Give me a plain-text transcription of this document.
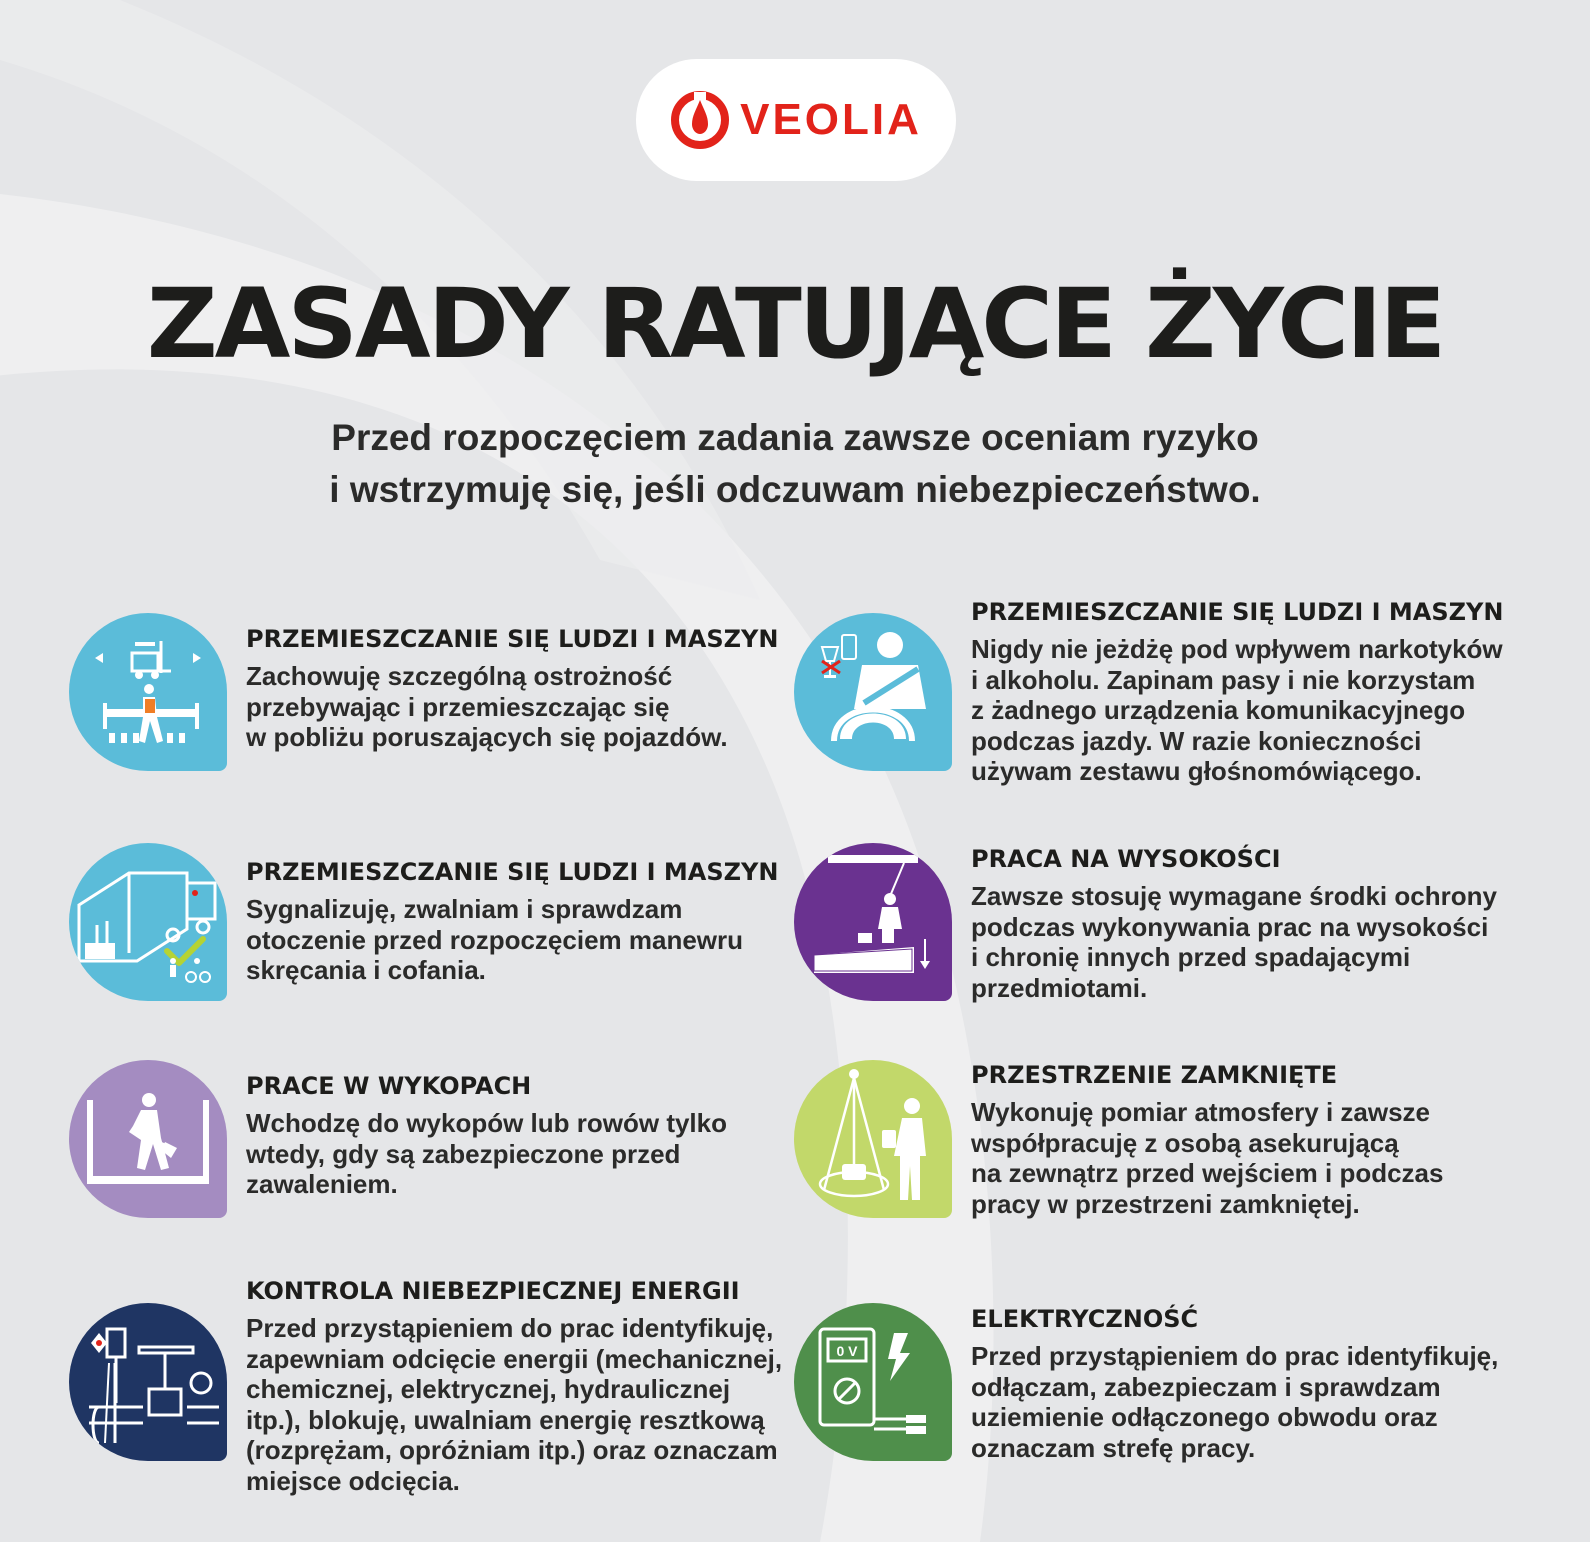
VEOLIA
ZASADY RATUJĄCE ŻYCIE
Przed rozpoczęciem zadania zawsze oceniam ryzyko
i wstrzymuję się, jeśli odczuwam niebezpieczeństwo.
PRZEMIESZCZANIE SIĘ LUDZI I MASZYN
Zachowuję szczególną ostrożność
przebywając i przemieszczając się
w pobliżu poruszających się pojazdów.
PRZEMIESZCZANIE SIĘ LUDZI I MASZYN
Sygnalizuję, zwalniam i sprawdzam
otoczenie przed rozpoczęciem manewru
skręcania i cofania.
PRACE W WYKOPACH
Wchodzę do wykopów lub rowów tylko
wtedy, gdy są zabezpieczone przed
zawaleniem.
KONTROLA NIEBEZPIECZNEJ ENERGII
Przed przystąpieniem do prac identyfikuję,
zapewniam odcięcie energii (mechanicznej,
chemicznej, elektrycznej, hydraulicznej
itp.), blokuję, uwalniam energię resztkową
(rozprężam, opróżniam itp.) oraz oznaczam
miejsce odcięcia.
PRZEMIESZCZANIE SIĘ LUDZI I MASZYN
Nigdy nie jeżdżę pod wpływem narkotyków
i alkoholu. Zapinam pasy i nie korzystam
z żadnego urządzenia komunikacyjnego
podczas jazdy. W razie konieczności
używam zestawu głośnomówiącego.
PRACA NA WYSOKOŚCI
Zawsze stosuję wymagane środki ochrony
podczas wykonywania prac na wysokości
i chronię innych przed spadającymi
przedmiotami.
PRZESTRZENIE ZAMKNIĘTE
Wykonuję pomiar atmosfery i zawsze
współpracuję z osobą asekurującą
na zewnątrz przed wejściem i podczas
pracy w przestrzeni zamkniętej.
0 V
ELEKTRYCZNOŚĆ
Przed przystąpieniem do prac identyfikuję,
odłączam, zabezpieczam i sprawdzam
uziemienie odłączonego obwodu oraz
oznaczam strefę pracy.
